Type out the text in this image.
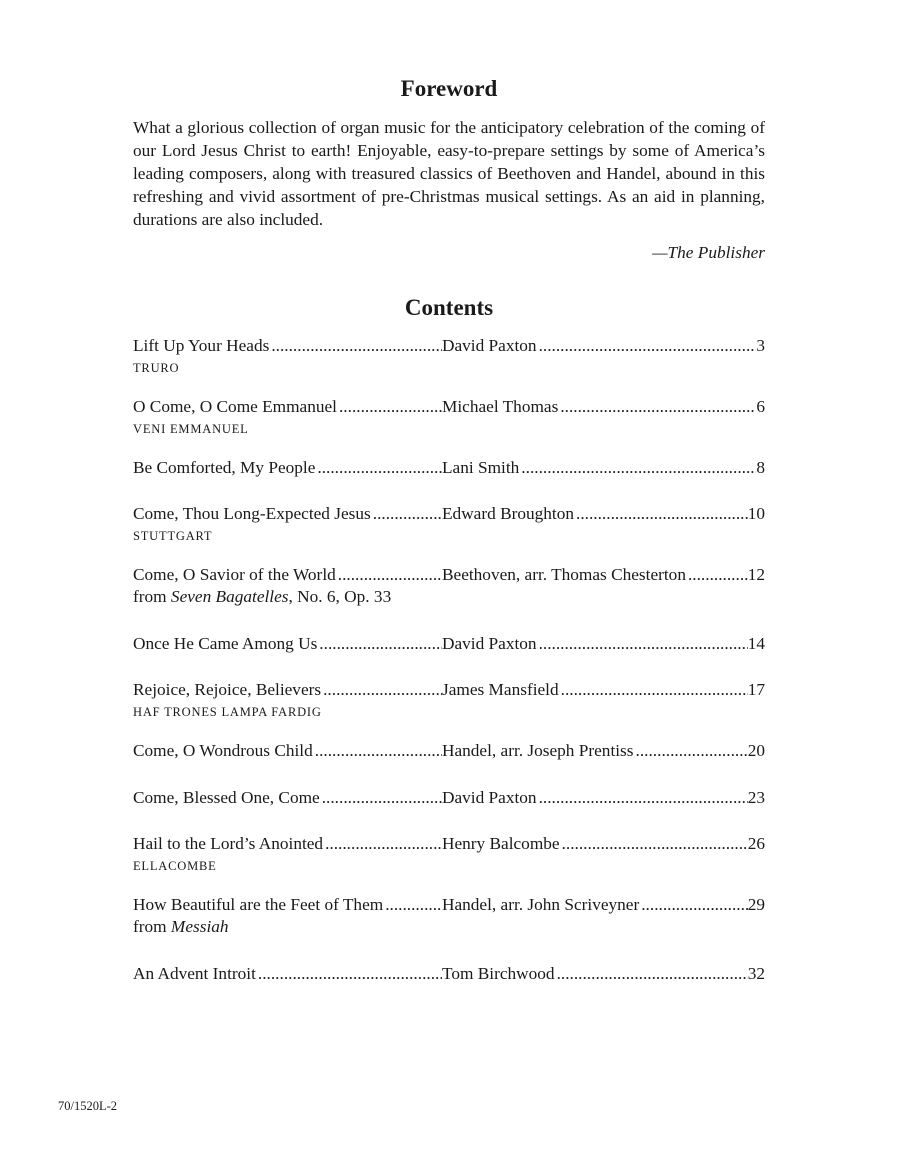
Foreword

What a glorious collection of organ music for the anticipatory celebration of the coming of our Lord Jesus Christ to earth! Enjoyable, easy-to-prepare settings by some of America’s leading composers, along with treasured classics of Beethoven and Handel, abound in this refreshing and vivid assortment of pre-Christmas musical settings. As an aid in planning, durations are also included.

—The Publisher
Contents
Lift Up Your Heads .....	David Paxton .....	3
TRURO
O Come, O Come Emmanuel .....	Michael Thomas .....	6
VENI EMMANUEL
Be Comforted, My People .....	Lani Smith .....	8
Come, Thou Long-Expected Jesus .....	Edward Broughton .....	10
STUTTGART
Come, O Savior of the World .....	Beethoven, arr. Thomas Chesterton .....	12
from Seven Bagatelles, No. 6, Op. 33
Once He Came Among Us .....	David Paxton .....	14
Rejoice, Rejoice, Believers .....	James Mansfield .....	17
HAF TRONES LAMPA FARDIG
Come, O Wondrous Child .....	Handel, arr. Joseph Prentiss .....	20
Come, Blessed One, Come .....	David Paxton .....	23
Hail to the Lord’s Anointed .....	Henry Balcombe .....	26
ELLACOMBE
How Beautiful are the Feet of Them .....	Handel, arr. John Scriveyner .....	29
from Messiah
An Advent Introit .....	Tom Birchwood .....	32
70/1520L-2
